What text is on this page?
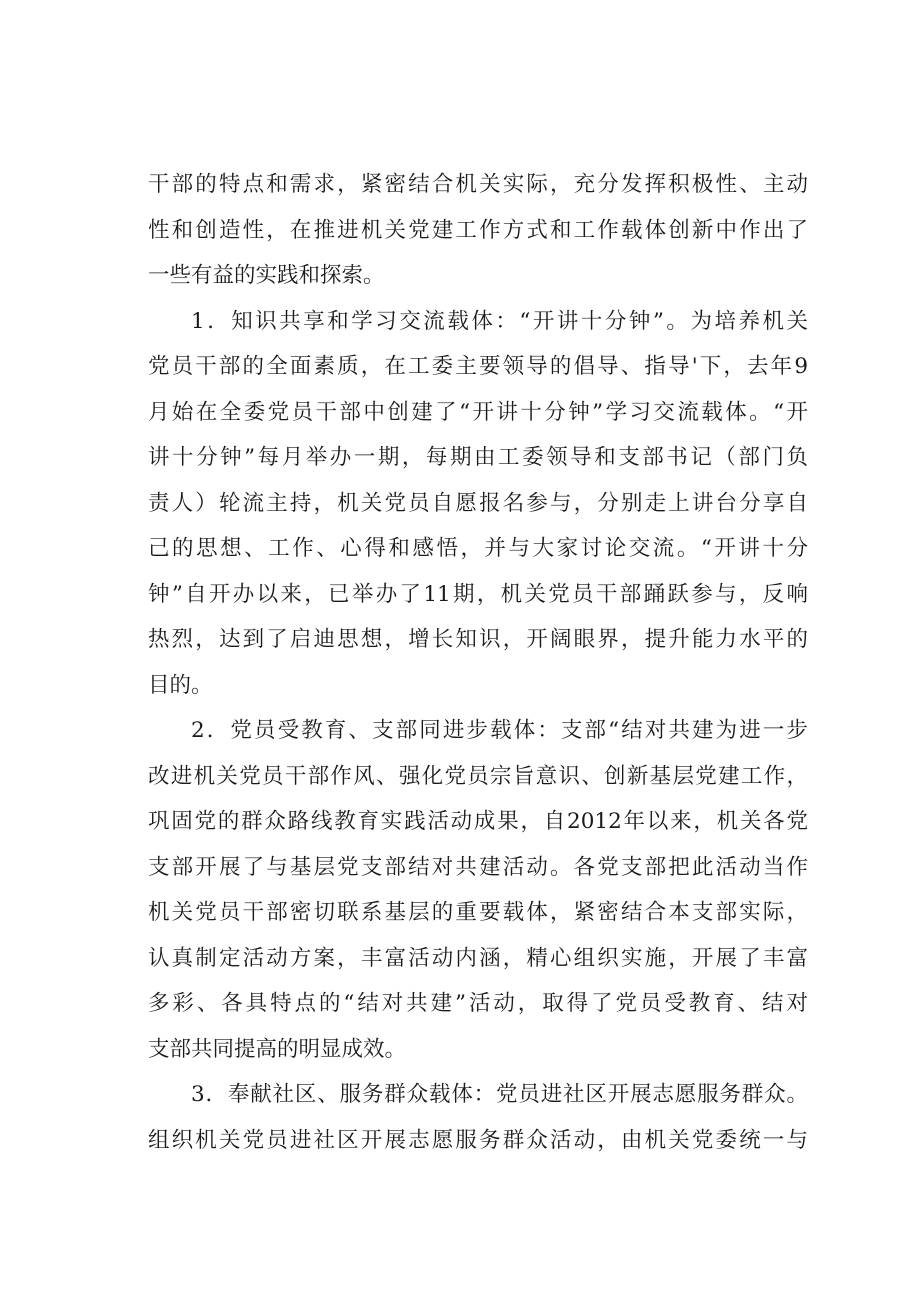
干部的特点和需求，紧密结合机关实际，充分发挥积极性、主动
性和创造性，在推进机关党建工作方式和工作载体创新中作出了
一些有益的实践和探索。
1．知识共享和学习交流载体：“开讲十分钟”。为培养机关
党员干部的全面素质，在工委主要领导的倡导、指导'下，去年9
月始在全委党员干部中创建了“开讲十分钟”学习交流载体。“开
讲十分钟”每月举办一期，每期由工委领导和支部书记（部门负
责人）轮流主持，机关党员自愿报名参与，分别走上讲台分享自
己的思想、工作、心得和感悟，并与大家讨论交流。“开讲十分
钟”自开办以来，已举办了11期，机关党员干部踊跃参与，反响
热烈，达到了启迪思想，增长知识，开阔眼界，提升能力水平的
目的。
2．党员受教育、支部同进步载体：支部“结对共建为进一步
改进机关党员干部作风、强化党员宗旨意识、创新基层党建工作，
巩固党的群众路线教育实践活动成果，自2012年以来，机关各党
支部开展了与基层党支部结对共建活动。各党支部把此活动当作
机关党员干部密切联系基层的重要载体，紧密结合本支部实际，
认真制定活动方案，丰富活动内涵，精心组织实施，开展了丰富
多彩、各具特点的“结对共建”活动，取得了党员受教育、结对
支部共同提高的明显成效。
3．奉献社区、服务群众载体：党员进社区开展志愿服务群众。
组织机关党员进社区开展志愿服务群众活动，由机关党委统一与
